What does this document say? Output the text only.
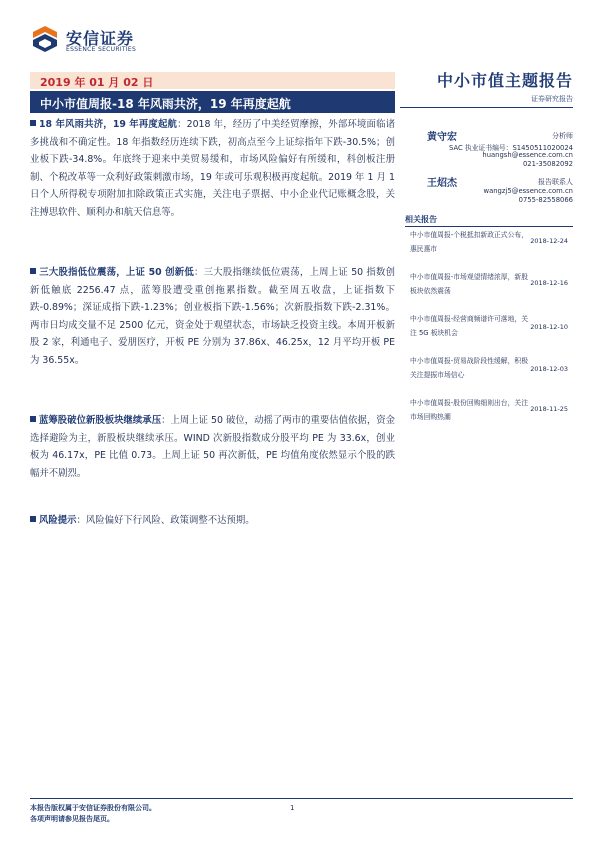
安信证券
ESSENCE SECURITIES
2019 年 01 月 02 日
中小市值周报-18 年风雨共济，19 年再度起航
中小市值主题报告
证券研究报告
18 年风雨共济，19 年再度起航：2018 年，经历了中美经贸摩擦，外部环境面临诸多挑战和不确定性。18 年指数经历连续下跌，初高点至今上证综指年下跌-30.5%；创业板下跌-34.8%。年底终于迎来中美贸易缓和，市场风险偏好有所缓和，科创板注册制、个税改革等一众利好政策刺激市场，19 年或可乐观积极再度起航。2019 年 1 月 1 日个人所得税专项附加扣除政策正式实施，关注电子票据、中小企业代记账概念股，关注搏思软件、顺利办和航天信息等。
三大股指低位震荡，上证 50 创新低：三大股指继续低位震荡，上周上证 50 指数创新低触底 2256.47 点，蓝筹股遭受重创拖累指数。截至周五收盘，上证指数下跌-0.89%；深证成指下跌-1.23%；创业板指下跌-1.56%；次新股指数下跌-2.31%。两市日均成交量不足 2500 亿元，资金处于观望状态，市场缺乏投资主线。本周开板新股 2 家，利通电子、爱朋医疗，开板 PE 分别为 37.86x、46.25x，12 月平均开板 PE 为 36.55x。
蓝筹股破位新股板块继续承压：上周上证 50 破位，动摇了两市的重要估值依据，资金选择避险为主，新股板块继续承压。WIND 次新股指数成分股平均 PE 为 33.6x，创业板为 46.17x，PE 比值 0.73。上周上证 50 再次新低，PE 均值角度依然显示个股的跌幅并不剧烈。
风险提示：风险偏好下行风险、政策调整不达预期。
黄守宏	分析师
SAC 执业证书编号：S1450511020024
huangsh@essence.com.cn
021-35082092
王炤杰	报告联系人
wangzj5@essence.com.cn
0755-82558066
相关报告
中小市值周报-个税抵扣新政正式公布，惠民惠市
2018-12-24
中小市值周报-市场观望情绪浓厚，新股板块依然震荡
2018-12-16
中小市值周报-经营商频谱许可落地，关注 5G 板块机会
2018-12-10
中小市值周报-贸易战阶段性缓解，积极关注提振市场信心
2018-12-03
中小市值周报-股份回购细则出台，关注市场回购热潮
2018-11-25
本报告版权属于安信证券股份有限公司。
各项声明请参见报告尾页。
1
